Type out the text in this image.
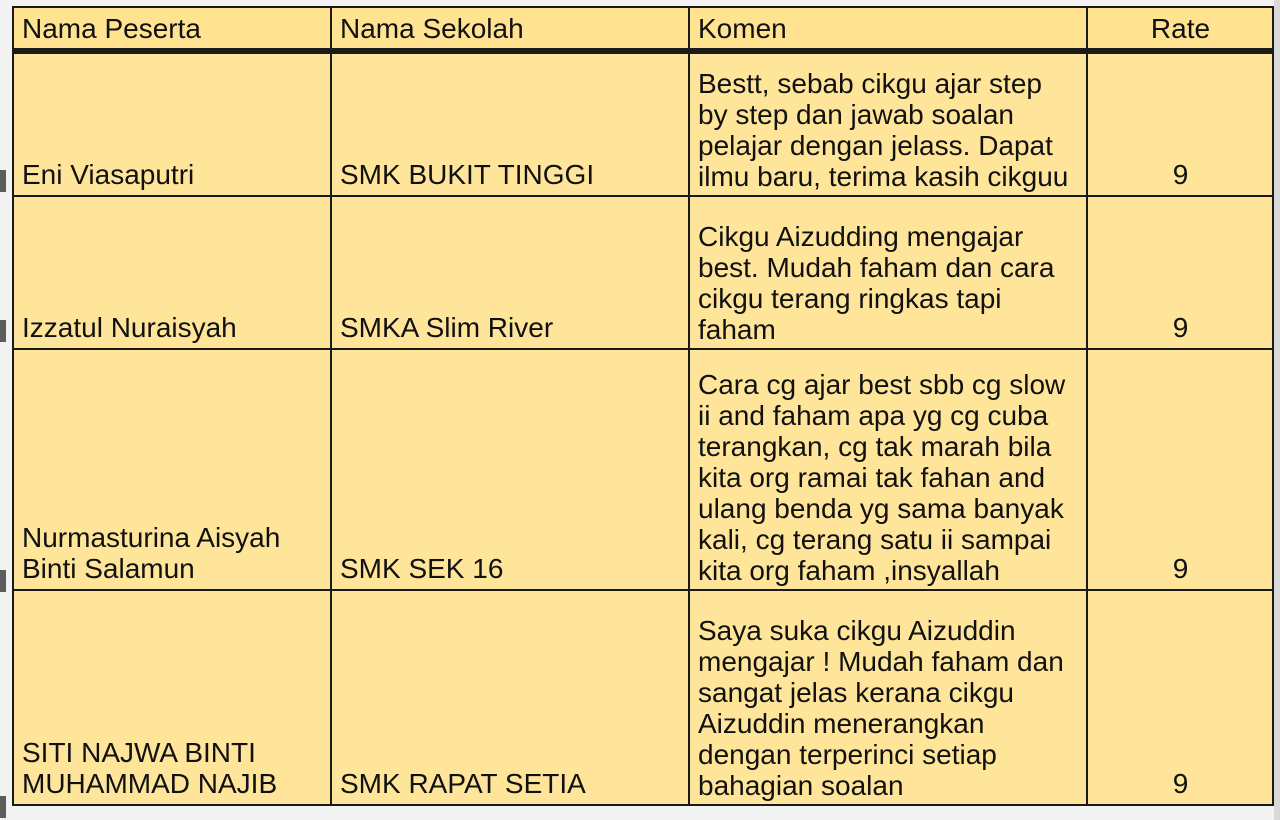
Nama Peserta	Nama Sekolah	Komen	Rate
Eni Viasaputri	SMK BUKIT TINGGI	Bestt, sebab cikgu ajar step by step dan jawab soalan pelajar dengan jelass. Dapat ilmu baru, terima kasih cikguu	9
Izzatul Nuraisyah	SMKA Slim River	Cikgu Aizudding mengajar best. Mudah faham dan cara cikgu terang ringkas tapi faham	9
Nurmasturina Aisyah Binti Salamun	SMK SEK 16	Cara cg ajar best sbb cg slow ii and faham apa yg cg cuba terangkan, cg tak marah bila kita org ramai tak fahan and ulang benda yg sama banyak kali, cg terang satu ii sampai kita org faham ,insyallah	9
SITI NAJWA BINTI MUHAMMAD NAJIB	SMK RAPAT SETIA	Saya suka cikgu Aizuddin mengajar ! Mudah faham dan sangat jelas kerana cikgu Aizuddin menerangkan dengan terperinci setiap bahagian soalan	9
